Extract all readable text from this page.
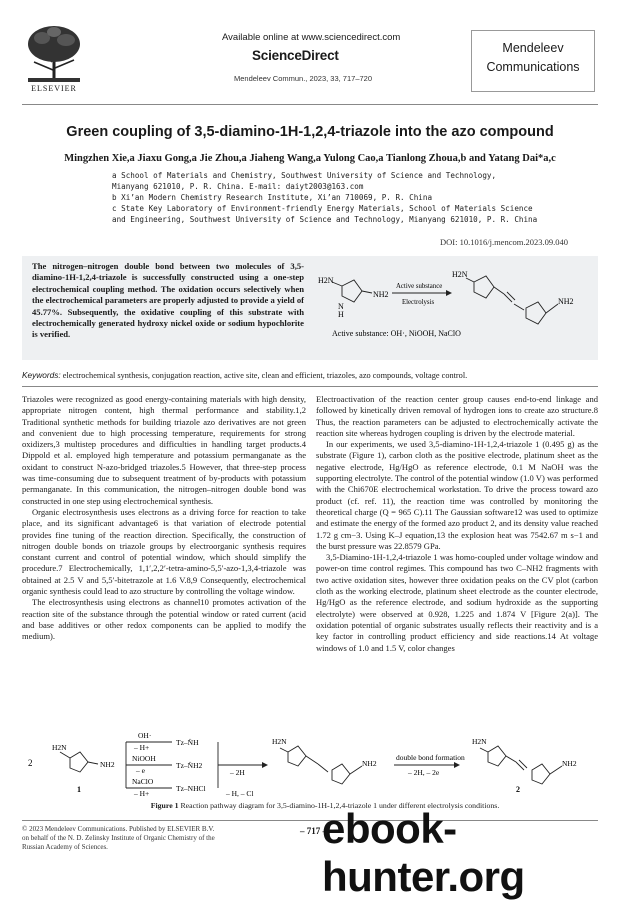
ELSEVIER
Available online at www.sciencedirect.com
ScienceDirect
Mendeleev Commun., 2023, 33, 717–720
Mendeleev
Communications
Green coupling of 3,5-diamino-1H-1,2,4-triazole into the azo compound
Mingzhen Xie,a Jiaxu Gong,a Jie Zhou,a Jiaheng Wang,a Yulong Cao,a Tianlong Zhoua,b and Yatang Dai*a,c
a School of Materials and Chemistry, Southwest University of Science and Technology,
Mianyang 621010, P. R. China. E-mail: daiyt2003@163.com
b Xi’an Modern Chemistry Research Institute, Xi’an 710069, P. R. China
c State Key Laboratory of Environment-friendly Energy Materials, School of Materials Science
and Engineering, Southwest University of Science and Technology, Mianyang 621010, P. R. China
DOI: 10.1016/j.mencom.2023.09.040
The nitrogen–nitrogen double bond between two molecules of 3,5-diamino-1H-1,2,4-triazole is successfully constructed using a one-step electrochemical coupling method. The oxidation occurs selectively when the electrochemical parameters are properly adjusted to provide a yield of 45.77%. Subsequently, the oxidative coupling of this substrate with electrochemically generated hydroxy nickel oxide or sodium hypochlorite is verified.
H2N
NH2
N
H
Active substance
Electrolysis
H2N
NH2
Active substance: OH·, NiOOH, NaClO
Keywords: electrochemical synthesis, conjugation reaction, active site, clean and efficient, triazoles, azo compounds, voltage control.

Triazoles were recognized as good energy-containing materials with high density, appropriate nitrogen content, high thermal performance and stability.1,2 Traditional synthetic methods for building triazole azo derivatives are not green and convenient due to high processing temperature, requirements for strong oxidizers,3 multistep procedures and difficulties in handling target products.4 Dippold et al. employed high temperature and potassium permanganate as the oxidant to construct N-azo-bridged triazoles.5 However, that three-step process was time-consuming due to subsequent treatment of by-products with potassium permanganate. In this communication, the nitrogen–nitrogen double bond was constructed in one step using electrochemical synthesis.

Organic electrosynthesis uses electrons as a driving force for reaction to take place, and its significant advantage6 is that variation of electrode potential provides fine tuning of the reaction direction. Specifically, the construction of nitrogen double bonds on triazole groups by electroorganic synthesis requires constant current and control of potential window, which should simplify the procedure.7 Electrochemically, 1,1′,2,2′-tetra-amino-5,5′-azo-1,3,4-triazole was obtained at 2.5 V and 5,5′-bitetrazole at 1.6 V.8,9 Consequently, electrochemical organic synthesis could lead to azo structure by controlling the voltage window.

The electrosynthesis using electrons as channel10 promotes activation of the reaction site of the substance through the potential window or rated current (acid and base additives or other redox components can be applied to modify the medium).

Electroactivation of the reaction center group causes end-to-end linkage and followed by kinetically driven removal of hydrogen ions to create azo structure.8 Thus, the reaction parameters can be adjusted to electrochemically activate the reaction site whereas hydrogen coupling is driven by the electrode material.

In our experiments, we used 3,5-diamino-1H-1,2,4-triazole 1 (0.495 g) as the substrate (Figure 1), carbon cloth as the positive electrode, platinum sheet as the negative electrode, Hg/HgO as reference electrode, 0.1 M NaOH was the supporting electrolyte. The control of the potential window (1.0 V) was performed with the Chi670E electrochemical workstation. To drive the process toward azo product (cf. ref. 11), the reaction time was controlled by monitoring the theoretical charge (Q = 965 C).11 The Gaussian software12 was used to optimize and estimate the energy of the formed azo product 2, and its density value reached 1.72 g cm−3. Using K–J equation,13 the explosion heat was 7542.67 m s−1 and the burst pressure was 22.8579 GPa.

3,5-Diamino-1H-1,2,4-triazole 1 was homo-coupled under voltage window and power-on time control regimes. This compound has two C–NH2 fragments with two active oxidation sites, however three oxidation peaks on the CV plot (carbon cloth as the working electrode, platinum sheet electrode as the counter electrode, Hg/HgO as the reference electrode, and sodium hydroxide as the supporting electrolyte) were observed at 0.928, 1.225 and 1.874 V [Figure 2(a)]. The oxidation potential of organic substrates usually reflects their reactivity and is a key factor in controlling product efficiency and side reactions.14 At voltage windows of 1.0 and 1.5 V, color changes

2
H2N
NH2
1
OH·
– H+
NiOOH
– e
NaClO
– H+
Tz–N̈H
Tz–N̈H2
Tz–NHCl
– 2H
– H, – Cl
H2N
NH2
double bond formation
– 2H, – 2e
H2N
NH2
2
Figure 1 Reaction pathway diagram for 3,5-diamino-1H-1,2,4-triazole 1 under different electrolysis conditions.
© 2023 Mendeleev Communications. Published by ELSEVIER B.V.
on behalf of the N. D. Zelinsky Institute of Organic Chemistry of the
Russian Academy of Sciences.
– 717 –
ebook-hunter.org
